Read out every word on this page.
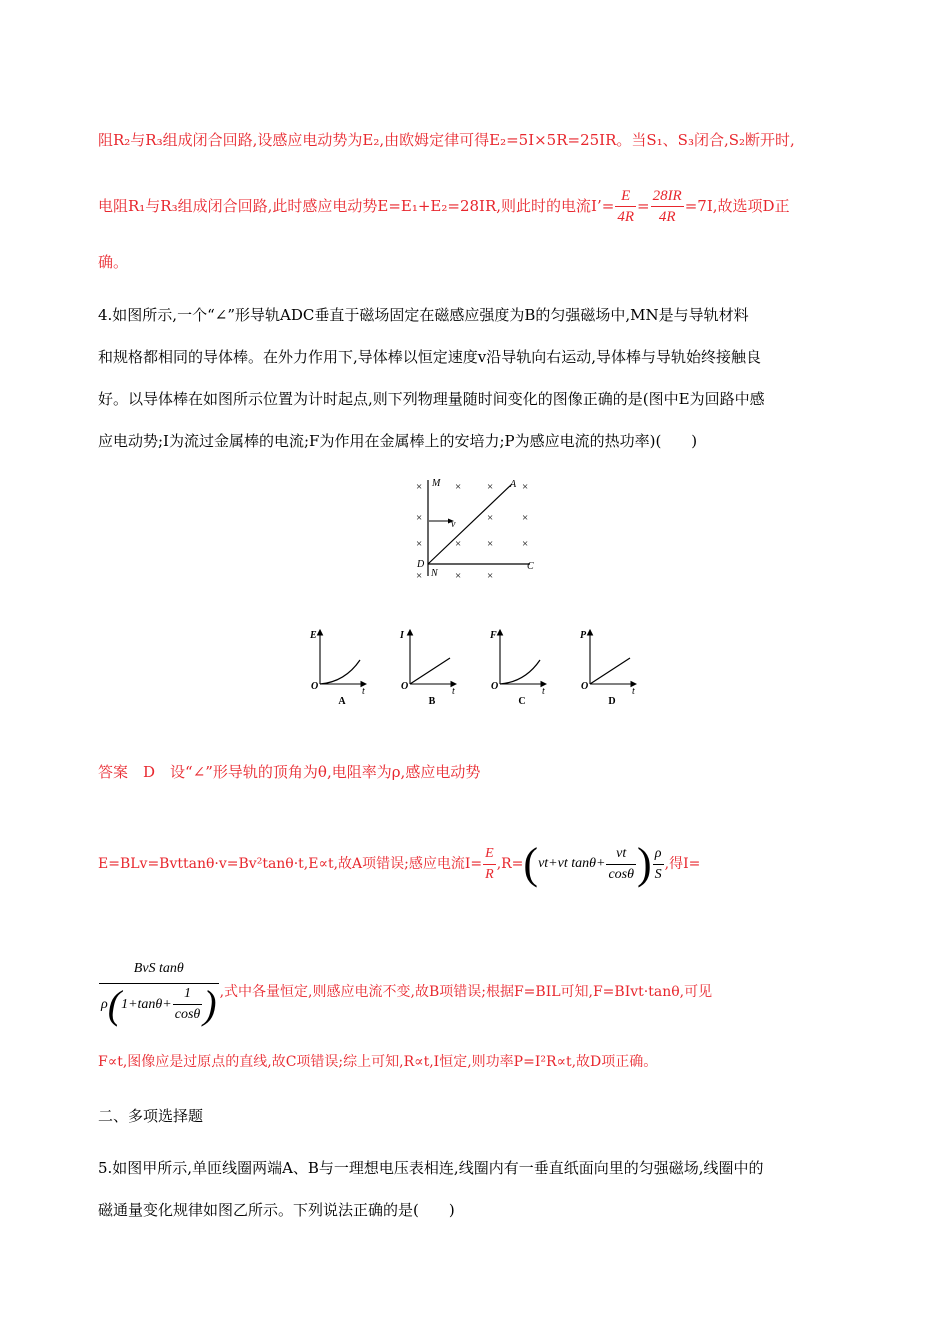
阻R₂与R₃组成闭合回路,设感应电动势为E₂,由欧姆定律可得E₂=5I×5R=25IR。当S₁、S₃闭合,S₂断开时,
电阻R₁与R₃组成闭合回路,此时感应电动势E=E₁+E₂=28IR,则此时的电流I’= $\frac{E}{4R} = \frac{28IR}{4R} =7I$,故选项D正
确。
4.如图所示,一个“∠”形导轨ADC垂直于磁场固定在磁感应强度为B的匀强磁场中,MN是与导轨材料
和规格都相同的导体棒。在外力作用下,导体棒以恒定速度v沿导轨向右运动,导体棒与导轨始终接触良
好。以导体棒在如图所示位置为计时起点,则下列物理量随时间变化的图像正确的是(图中E为回路中感
应电动势;I为流过金属棒的电流;F为作用在金属棒上的安培力;P为感应电流的热功率)(　　)
×	× ×	×
×	×	×
×	× ×	×
×	× ×
M	A
v
D
N
C
E
t
O
A
I
t
O
B
F
t
O
C
P
t
O
D
答案　D　设“∠”形导轨的顶角为θ,电阻率为ρ,感应电动势
E=BLv=Bvttanθ·v=Bv²tanθ·t,E∝t,故A项错误;感应电流$I= \frac{E}{R} ,R=$ ( vt+vt $\tan\theta+ \frac{vt}{\cos\theta}$ ) $\frac{\rho}{S}$ ,得I=
BvS tanθ
ρ ( $1+\tan\theta+ \frac{1}{\cos\theta}$ ) ,式中各量恒定,则感应电流不变,故B项错误;根据F=BIL可知,F=BIvt·tanθ,可见
F∝t,图像应是过原点的直线,故C项错误;综上可知,R∝t,I恒定,则功率P=I²R∝t,故D项正确。
二、多项选择题
5.如图甲所示,单匝线圈两端A、B与一理想电压表相连,线圈内有一垂直纸面向里的匀强磁场,线圈中的
磁通量变化规律如图乙所示。下列说法正确的是(　　)
